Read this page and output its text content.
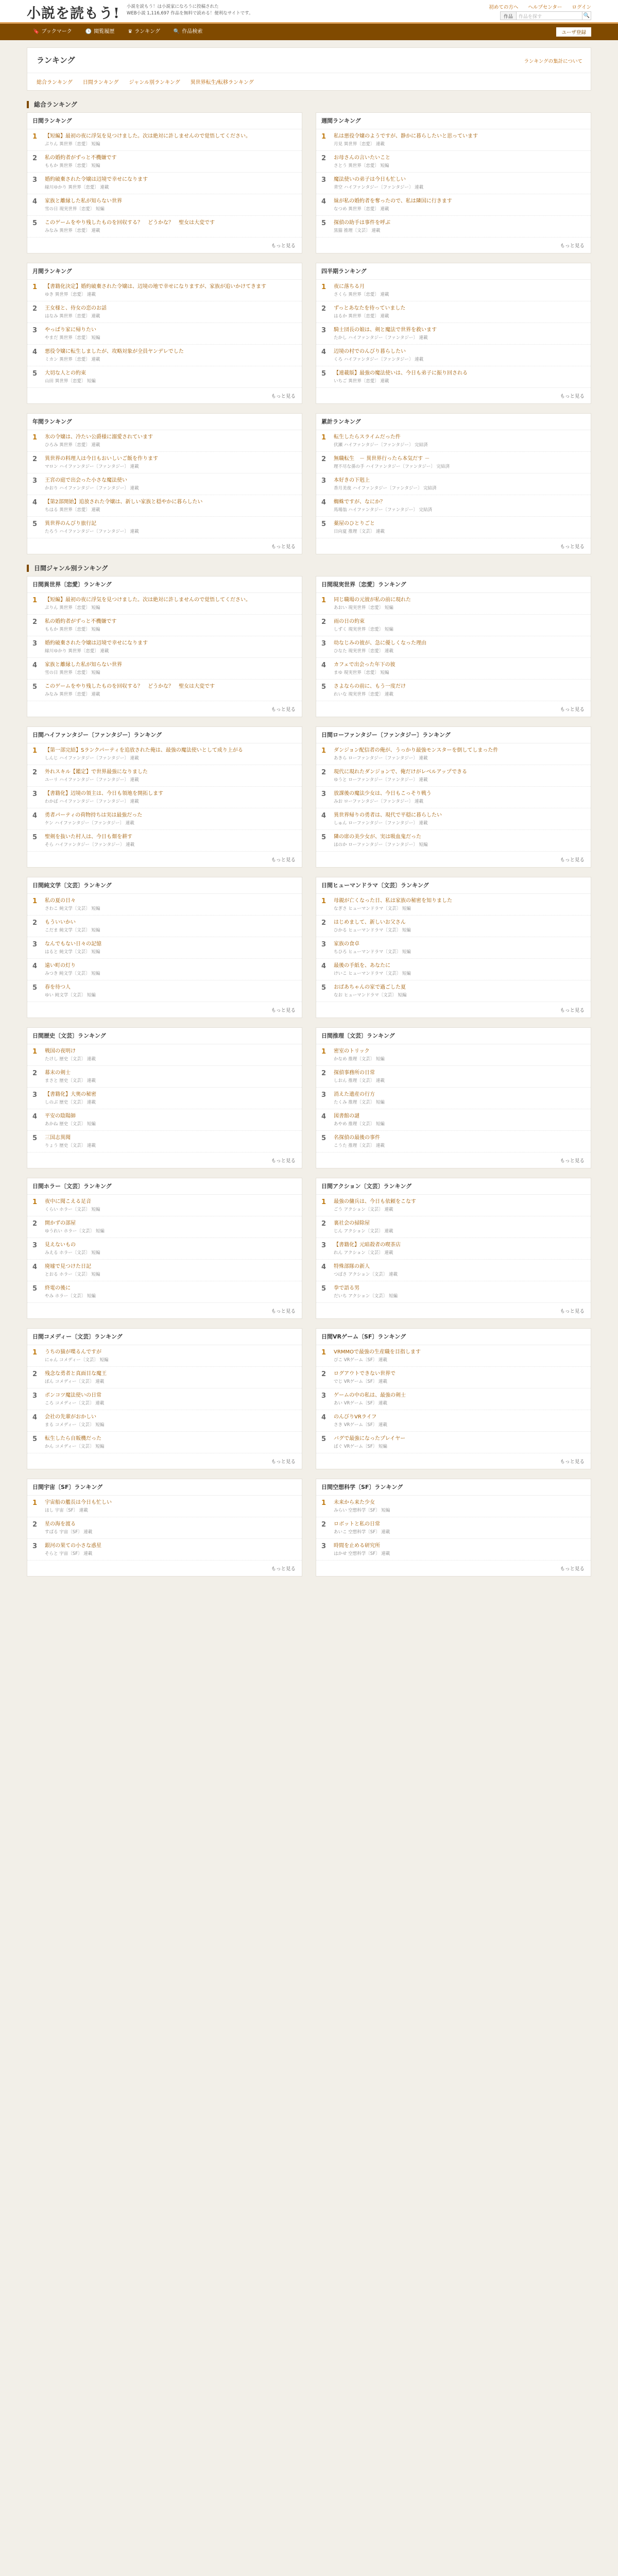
小説を読もう! 小説を読もう！は小説家になろうに投稿された
WEB小説 1,116,697 作品を無料で読める！便利なサイトです。
初めての方へ ヘルプセンター ログイン
作品	作品を探す	🔍
🔖 ブックマーク	🕒 閲覧履歴	♛ ランキング	🔍 作品検索	ユーザ登録
ランキング	ランキングの集計について
総合ランキング 日間ランキング ジャンル別ランキング 異世界転生/転移ランキング
総合ランキング
日間ランキング
1	【短編】最初の夜に浮気を見つけました。次は絶対に許しませんので覚悟してください。
ぷりん 異世界〔恋愛〕 短編
2	私の婚約者がずっと不機嫌です
ももか 異世界〔恋愛〕 短編
3	婚約破棄された令嬢は辺境で幸せになります
緑川ゆかり 異世界〔恋愛〕 連載
4	家族と離縁した私が知らない世界
雪の日 現実世界〔恋愛〕 短編
5	このゲームをやり残したものを回収する？　どうかな？　聖女は大変です
みなみ 異世界〔恋愛〕 連載
もっと見る
週間ランキング
1	私は悪役令嬢のようですが、静かに暮らしたいと思っています
月見 異世界〔恋愛〕 連載
2	お母さんの言いたいこと
さとう 異世界〔恋愛〕 短編
3	魔法使いの弟子は今日も忙しい
青空 ハイファンタジー〔ファンタジー〕 連載
4	妹が私の婚約者を奪ったので、私は隣国に行きます
なつめ 異世界〔恋愛〕 連載
5	探偵の助手は事件を呼ぶ
黒猫 推理〔文芸〕 連載
もっと見る
月間ランキング
1	【書籍化決定】婚約破棄された令嬢は、辺境の地で幸せになりますが、家族が追いかけてきます
ゆき 異世界〔恋愛〕 連載
2	王女様と、侍女の恋のお話
はなみ 異世界〔恋愛〕 連載
3	やっぱり家に帰りたい
やまだ 異世界〔恋愛〕 短編
4	悪役令嬢に転生しましたが、攻略対象が全員ヤンデレでした
ミカン 異世界〔恋愛〕 連載
5	大切な人との約束
山田 異世界〔恋愛〕 短編
もっと見る
四半期ランキング
1	夜に落ちる月
さくら 異世界〔恋愛〕 連載
2	ずっとあなたを待っていました
はるか 異世界〔恋愛〕 連載
3	騎士団長の娘は、剣と魔法で世界を救います
たかし ハイファンタジー〔ファンタジー〕 連載
4	辺境の村でのんびり暮らしたい
くろ ハイファンタジー〔ファンタジー〕 連載
5	【連載版】最強の魔法使いは、今日も弟子に振り回される
いちご 異世界〔恋愛〕 連載
もっと見る
年間ランキング
1	氷の令嬢は、冷たい公爵様に溺愛されています
ひろみ 異世界〔恋愛〕 連載
2	異世界の料理人は今日もおいしいご飯を作ります
マロン ハイファンタジー〔ファンタジー〕 連載
3	王宮の庭で出会った小さな魔法使い
かおり ハイファンタジー〔ファンタジー〕 連載
4	【第2部開始】追放された令嬢は、新しい家族と穏やかに暮らしたい
ちはる 異世界〔恋愛〕 連載
5	異世界のんびり旅行記
たろう ハイファンタジー〔ファンタジー〕 連載
もっと見る
累計ランキング
1	転生したらスライムだった件
伏瀬 ハイファンタジー〔ファンタジー〕 完結済
2	無職転生　－ 異世界行ったら本気だす －
理不尽な孫の手 ハイファンタジー〔ファンタジー〕 完結済
3	本好きの下剋上
香月美夜 ハイファンタジー〔ファンタジー〕 完結済
4	蜘蛛ですが、なにか？
馬場翁 ハイファンタジー〔ファンタジー〕 完結済
5	薬屋のひとりごと
日向夏 推理〔文芸〕 連載
もっと見る
日間ジャンル別ランキング
日間異世界〔恋愛〕ランキング
1	【短編】最初の夜に浮気を見つけました。次は絶対に許しませんので覚悟してください。
ぷりん 異世界〔恋愛〕 短編
2	私の婚約者がずっと不機嫌です
ももか 異世界〔恋愛〕 短編
3	婚約破棄された令嬢は辺境で幸せになります
緑川ゆかり 異世界〔恋愛〕 連載
4	家族と離縁した私が知らない世界
雪の日 異世界〔恋愛〕 短編
5	このゲームをやり残したものを回収する？　どうかな？　聖女は大変です
みなみ 異世界〔恋愛〕 連載
もっと見る
日間現実世界〔恋愛〕ランキング
1	同じ職場の元彼が私の前に現れた
あおい 現実世界〔恋愛〕 短編
2	雨の日の約束
しずく 現実世界〔恋愛〕 短編
3	幼なじみの彼が、急に優しくなった理由
ひなた 現実世界〔恋愛〕 連載
4	カフェで出会った年下の彼
まゆ 現実世界〔恋愛〕 短編
5	さよならの前に、もう一度だけ
れいな 現実世界〔恋愛〕 連載
もっと見る
日間ハイファンタジー〔ファンタジー〕ランキング
1	【第一部完結】Sランクパーティを追放された俺は、最強の魔法使いとして成り上がる
しんじ ハイファンタジー〔ファンタジー〕 連載
2	外れスキル【鑑定】で世界最強になりました
ユーリ ハイファンタジー〔ファンタジー〕 連載
3	【書籍化】辺境の領主は、今日も領地を開拓します
わかば ハイファンタジー〔ファンタジー〕 連載
4	勇者パーティの荷物持ちは実は最強だった
ケン ハイファンタジー〔ファンタジー〕 連載
5	聖剣を抜いた村人は、今日も畑を耕す
そら ハイファンタジー〔ファンタジー〕 連載
もっと見る
日間ローファンタジー〔ファンタジー〕ランキング
1	ダンジョン配信者の俺が、うっかり最強モンスターを倒してしまった件
あきら ローファンタジー〔ファンタジー〕 連載
2	現代に現れたダンジョンで、俺だけがレベルアップできる
ゆうと ローファンタジー〔ファンタジー〕 連載
3	放課後の魔法少女は、今日もこっそり戦う
みお ローファンタジー〔ファンタジー〕 連載
4	異世界帰りの勇者は、現代で平穏に暮らしたい
しゅん ローファンタジー〔ファンタジー〕 連載
5	隣の席の美少女が、実は吸血鬼だった
ほのか ローファンタジー〔ファンタジー〕 短編
もっと見る
日間純文学〔文芸〕ランキング
1	私の夏の日々
さわこ 純文学〔文芸〕 短編
2	もういいかい
こだま 純文学〔文芸〕 短編
3	なんでもない日々の記憶
はると 純文学〔文芸〕 短編
4	遠い町の灯り
みつき 純文学〔文芸〕 短編
5	春を待つ人
ゆい 純文学〔文芸〕 短編
もっと見る
日間ヒューマンドラマ〔文芸〕ランキング
1	母親が亡くなった日、私は家族の秘密を知りました
なぎさ ヒューマンドラマ〔文芸〕 短編
2	はじめまして、新しいお父さん
ひかる ヒューマンドラマ〔文芸〕 短編
3	家族の食卓
ちひろ ヒューマンドラマ〔文芸〕 短編
4	最後の手紙を、あなたに
けいこ ヒューマンドラマ〔文芸〕 短編
5	おばあちゃんの家で過ごした夏
なお ヒューマンドラマ〔文芸〕 短編
もっと見る
日間歴史〔文芸〕ランキング
1	戦国の夜明け
たけし 歴史〔文芸〕 連載
2	幕末の剣士
まさと 歴史〔文芸〕 連載
3	【書籍化】大奥の秘密
しのぶ 歴史〔文芸〕 連載
4	平安の陰陽師
あかね 歴史〔文芸〕 短編
5	三国志異聞
りょう 歴史〔文芸〕 連載
もっと見る
日間推理〔文芸〕ランキング
1	密室のトリック
かなめ 推理〔文芸〕 短編
2	探偵事務所の日常
しおん 推理〔文芸〕 連載
3	消えた遺産の行方
たくみ 推理〔文芸〕 短編
4	図書館の謎
あやめ 推理〔文芸〕 短編
5	名探偵の最後の事件
こうた 推理〔文芸〕 連載
もっと見る
日間ホラー〔文芸〕ランキング
1	夜中に聞こえる足音
くらい ホラー〔文芸〕 短編
2	開かずの部屋
ゆうれい ホラー〔文芸〕 短編
3	見えないもの
みえる ホラー〔文芸〕 短編
4	廃墟で見つけた日記
とおる ホラー〔文芸〕 短編
5	終電の後に
やみ ホラー〔文芸〕 短編
もっと見る
日間アクション〔文芸〕ランキング
1	最強の傭兵は、今日も依頼をこなす
ごう アクション〔文芸〕 連載
2	裏社会の掃除屋
じん アクション〔文芸〕 連載
3	【書籍化】元暗殺者の喫茶店
れん アクション〔文芸〕 連載
4	特殊部隊の新人
つばさ アクション〔文芸〕 連載
5	拳で語る男
だいち アクション〔文芸〕 短編
もっと見る
日間コメディー〔文芸〕ランキング
1	うちの猫が喋るんですが
にゃん コメディー〔文芸〕 短編
2	残念な勇者と真面目な魔王
ぽん コメディー〔文芸〕 連載
3	ポンコツ魔法使いの日常
ころ コメディー〔文芸〕 連載
4	会社の先輩がおかしい
まる コメディー〔文芸〕 短編
5	転生したら自販機だった
かん コメディー〔文芸〕 短編
もっと見る
日間VRゲーム〔SF〕ランキング
1	VRMMOで最強の生産職を目指します
ぴこ VRゲーム〔SF〕 連載
2	ログアウトできない世界で
でじ VRゲーム〔SF〕 連載
3	ゲームの中の私は、最強の剣士
あい VRゲーム〔SF〕 連載
4	のんびりVRライフ
さき VRゲーム〔SF〕 連載
5	バグで最強になったプレイヤー
ばぐ VRゲーム〔SF〕 短編
もっと見る
日間宇宙〔SF〕ランキング
1	宇宙船の艦長は今日も忙しい
ほし 宇宙〔SF〕 連載
2	星の海を渡る
すばる 宇宙〔SF〕 連載
3	銀河の果ての小さな惑星
そらと 宇宙〔SF〕 連載
もっと見る
日間空想科学〔SF〕ランキング
1	未来から来た少女
みらい 空想科学〔SF〕 短編
2	ロボットと私の日常
あいこ 空想科学〔SF〕 連載
3	時間を止める研究所
はかせ 空想科学〔SF〕 連載
もっと見る
